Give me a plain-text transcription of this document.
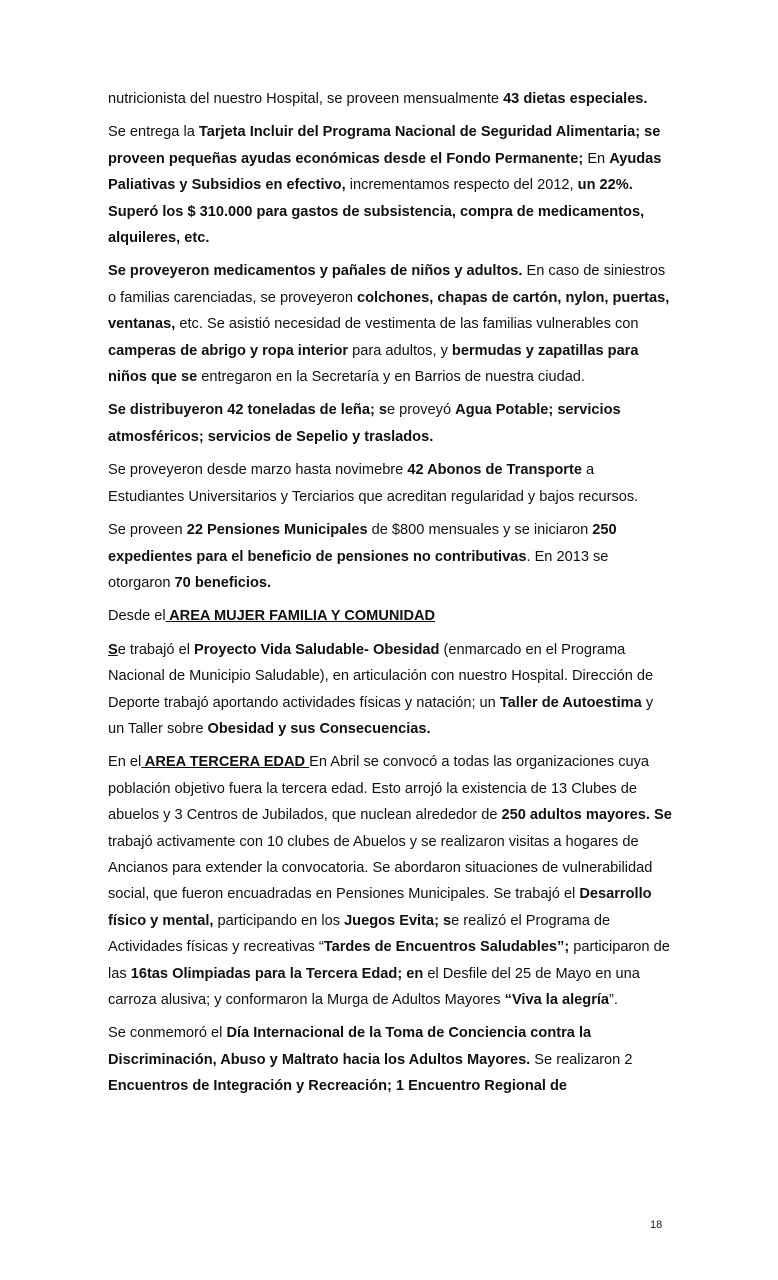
nutricionista del nuestro Hospital, se proveen mensualmente 43 dietas especiales.

Se entrega la Tarjeta Incluir del Programa Nacional de Seguridad Alimentaria; se proveen pequeñas ayudas económicas desde el Fondo Permanente; En Ayudas Paliativas y Subsidios en efectivo, incrementamos respecto del 2012, un 22%. Superó los $ 310.000 para gastos de subsistencia, compra de medicamentos, alquileres, etc.

Se proveyeron medicamentos y pañales de niños y adultos. En caso de siniestros o familias carenciadas, se proveyeron colchones, chapas de cartón, nylon, puertas, ventanas, etc. Se asistió necesidad de vestimenta de las familias vulnerables con camperas de abrigo y ropa interior para adultos, y bermudas y zapatillas para niños que se entregaron en la Secretaría y en Barrios de nuestra ciudad.

Se distribuyeron 42 toneladas de leña; se proveyó Agua Potable; servicios atmosféricos; servicios de Sepelio y traslados.

Se proveyeron desde marzo hasta novimebre 42 Abonos de Transporte a Estudiantes Universitarios y Terciarios que acreditan regularidad y bajos recursos.

Se proveen 22 Pensiones Municipales de $800 mensuales y se iniciaron 250 expedientes para el beneficio de pensiones no contributivas. En 2013 se otorgaron 70 beneficios.

Desde el AREA MUJER FAMILIA Y COMUNIDAD

Se trabajó el Proyecto Vida Saludable- Obesidad (enmarcado en el Programa Nacional de Municipio Saludable), en articulación con nuestro Hospital. Dirección de Deporte trabajó aportando actividades físicas y natación; un Taller de Autoestima y un Taller sobre Obesidad y sus Consecuencias.

En el AREA TERCERA EDAD En Abril se convocó a todas las organizaciones cuya población objetivo fuera la tercera edad. Esto arrojó la existencia de 13 Clubes de abuelos y 3 Centros de Jubilados, que nuclean alrededor de 250 adultos mayores. Se trabajó activamente con 10 clubes de Abuelos y se realizaron visitas a hogares de Ancianos para extender la convocatoria. Se abordaron situaciones de vulnerabilidad social, que fueron encuadradas en Pensiones Municipales. Se trabajó el Desarrollo físico y mental, participando en los Juegos Evita; se realizó el Programa de Actividades físicas y recreativas “Tardes de Encuentros Saludables”; participaron de las 16tas Olimpiadas para la Tercera Edad; en el Desfile del 25 de Mayo en una carroza alusiva; y conformaron la Murga de Adultos Mayores “Viva la alegría”.

Se conmemoró el Día Internacional de la Toma de Conciencia contra la Discriminación, Abuso y Maltrato hacia los Adultos Mayores. Se realizaron 2 Encuentros de Integración y Recreación; 1 Encuentro Regional de

18
